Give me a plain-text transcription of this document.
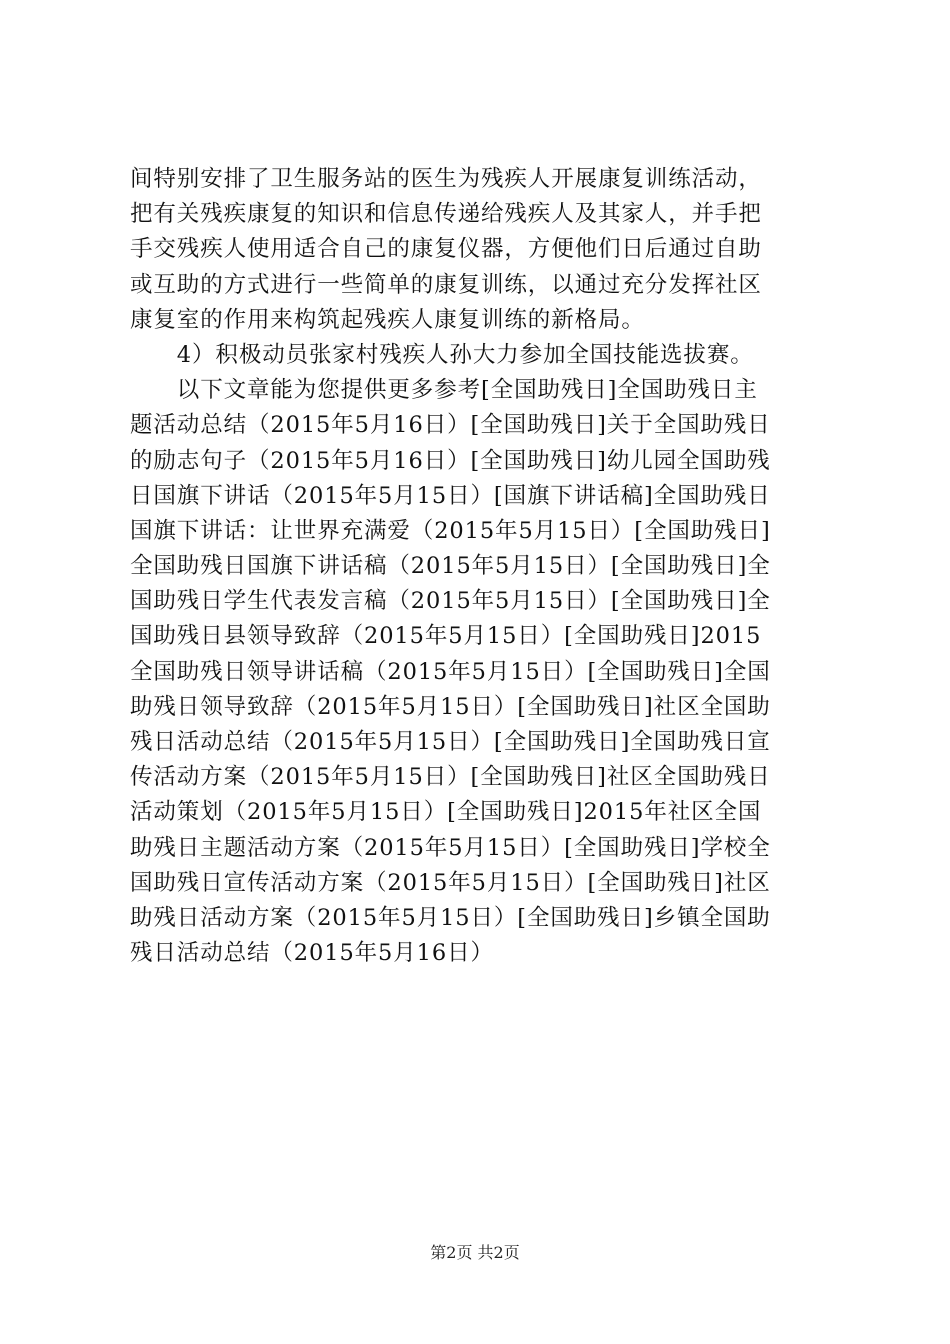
间特别安排了卫生服务站的医生为残疾人开展康复训练活动，
把有关残疾康复的知识和信息传递给残疾人及其家人，并手把
手交残疾人使用适合自己的康复仪器，方便他们日后通过自助
或互助的方式进行一些简单的康复训练，以通过充分发挥社区
康复室的作用来构筑起残疾人康复训练的新格局。
　　4）积极动员张家村残疾人孙大力参加全国技能选拔赛。
　　以下文章能为您提供更多参考[全国助残日]全国助残日主
题活动总结（2015年5月16日）[全国助残日]关于全国助残日
的励志句子（2015年5月16日）[全国助残日]幼儿园全国助残
日国旗下讲话（2015年5月15日）[国旗下讲话稿]全国助残日
国旗下讲话：让世界充满爱（2015年5月15日）[全国助残日]
全国助残日国旗下讲话稿（2015年5月15日）[全国助残日]全
国助残日学生代表发言稿（2015年5月15日）[全国助残日]全
国助残日县领导致辞（2015年5月15日）[全国助残日]2015
全国助残日领导讲话稿（2015年5月15日）[全国助残日]全国
助残日领导致辞（2015年5月15日）[全国助残日]社区全国助
残日活动总结（2015年5月15日）[全国助残日]全国助残日宣
传活动方案（2015年5月15日）[全国助残日]社区全国助残日
活动策划（2015年5月15日）[全国助残日]2015年社区全国
助残日主题活动方案（2015年5月15日）[全国助残日]学校全
国助残日宣传活动方案（2015年5月15日）[全国助残日]社区
助残日活动方案（2015年5月15日）[全国助残日]乡镇全国助
残日活动总结（2015年5月16日）
第2页 共2页
